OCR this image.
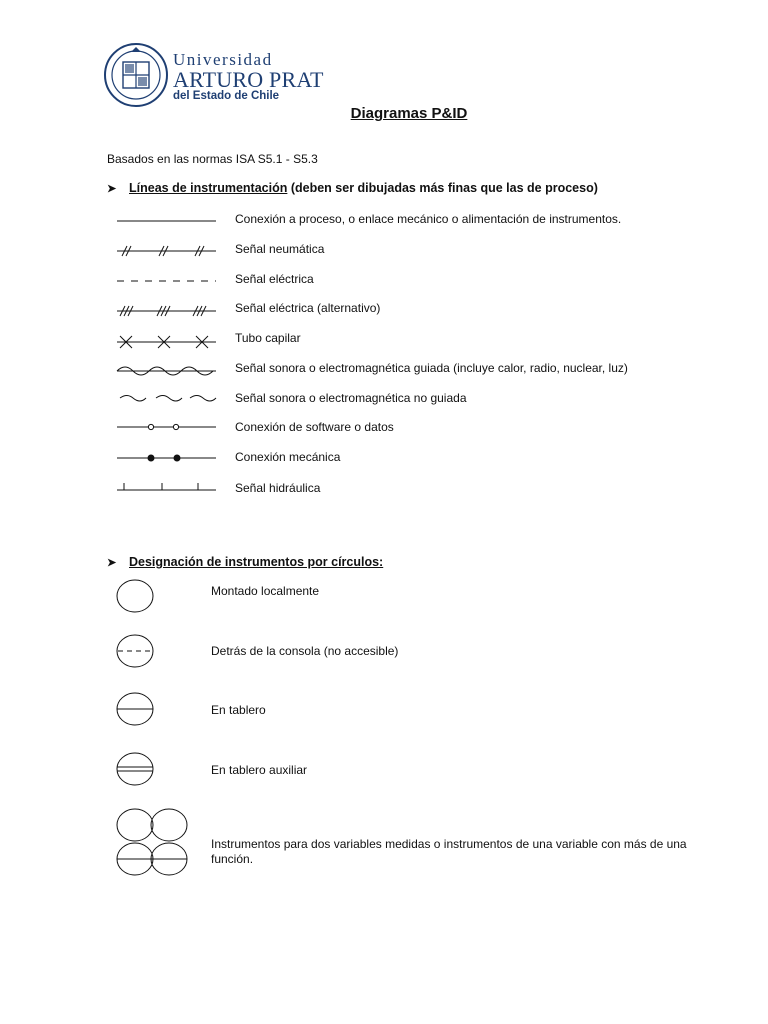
Universidad
ARTURO PRAT
del Estado de Chile
Diagramas P&ID
Basados en las normas ISA S5.1 - S5.3
➤ Líneas de instrumentación (deben ser dibujadas más finas que las de proceso)
Conexión a proceso, o enlace mecánico o alimentación de instrumentos.
Señal neumática
Señal eléctrica
Señal eléctrica (alternativo)
Tubo capilar
Señal sonora o electromagnética guiada (incluye calor, radio, nuclear, luz)
Señal sonora o electromagnética no guiada
Conexión de software o datos
Conexión mecánica
Señal hidráulica
➤ Designación de instrumentos por círculos:
Montado localmente
Detrás de la consola (no accesible)
En tablero
En tablero auxiliar
Instrumentos para dos variables medidas o instrumentos de una variable con más de una función.
